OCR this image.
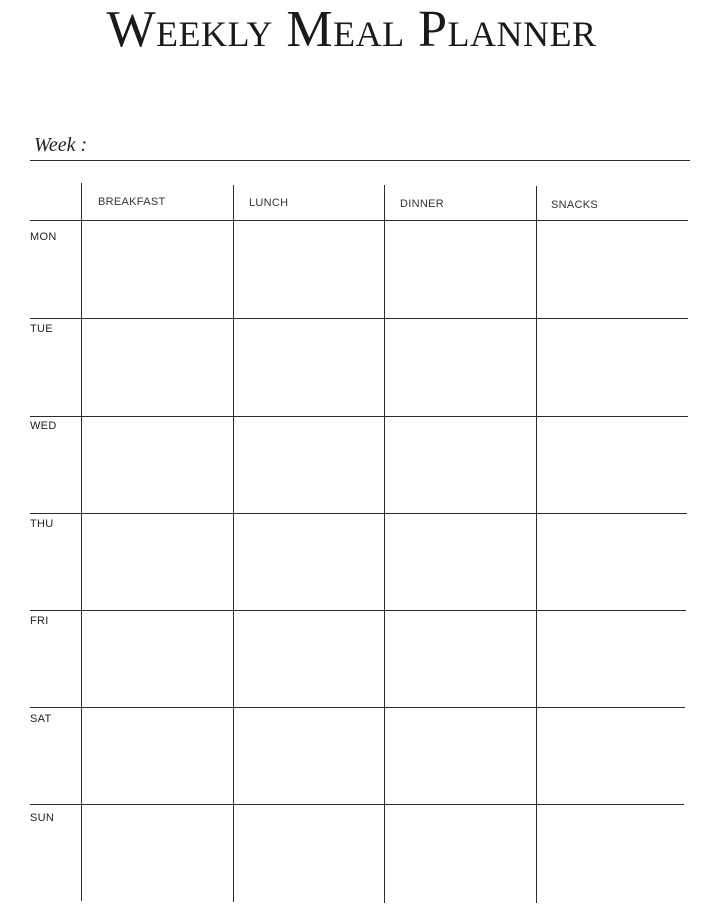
Weekly Meal Planner
Week :
BREAKFAST	LUNCH	DINNER	SNACKS
MON
TUE
WED
THU
FRI
SAT
SUN
